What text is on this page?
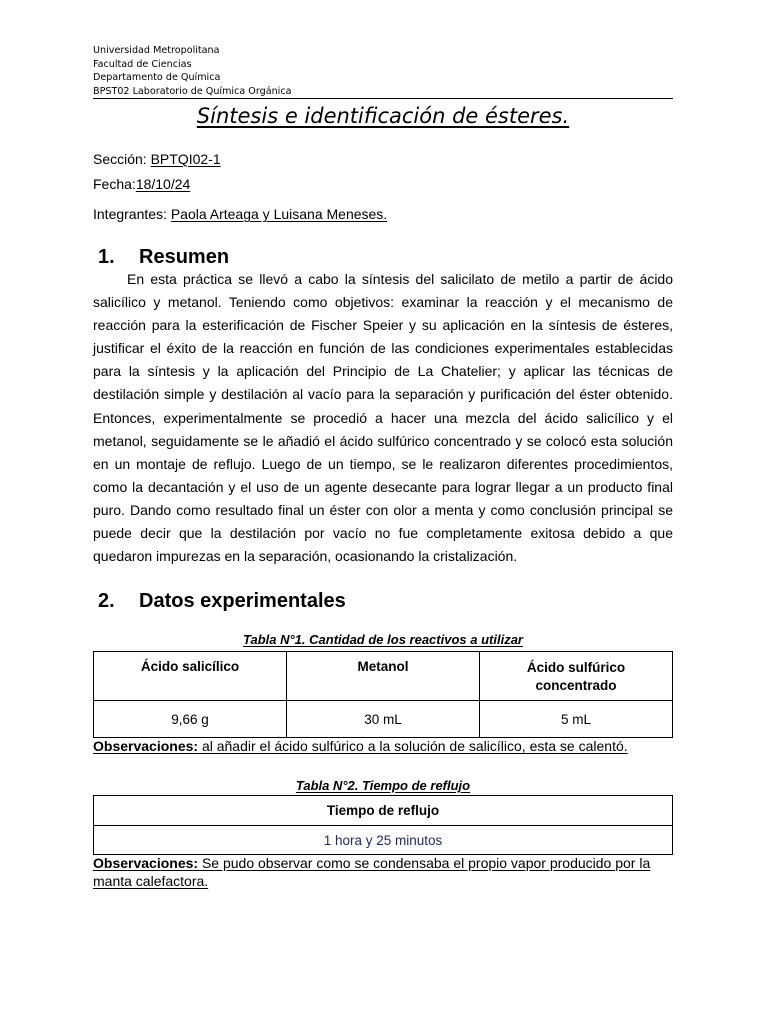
Universidad Metropolitana
Facultad de Ciencias
Departamento de Química
BPST02 Laboratorio de Química Orgánica
Síntesis e identificación de ésteres.
Sección: BPTQI02-1
Fecha:18/10/24
Integrantes: Paola Arteaga y Luisana Meneses.
1. Resumen

En esta práctica se llevó a cabo la síntesis del salicilato de metilo a partir de ácido salicílico y metanol. Teniendo como objetivos: examinar la reacción y el mecanismo de reacción para la esterificación de Fischer Speier y su aplicación en la síntesis de ésteres, justificar el éxito de la reacción en función de las condiciones experimentales establecidas para la síntesis y la aplicación del Principio de La Chatelier; y aplicar las técnicas de destilación simple y destilación al vacío para la separación y purificación del éster obtenido. Entonces, experimentalmente se procedió a hacer una mezcla del ácido salicílico y el metanol, seguidamente se le añadió el ácido sulfúrico concentrado y se colocó esta solución en un montaje de reflujo. Luego de un tiempo, se le realizaron diferentes procedimientos, como la decantación y el uso de un agente desecante para lograr llegar a un producto final puro. Dando como resultado final un éster con olor a menta y como conclusión principal se puede decir que la destilación por vacío no fue completamente exitosa debido a que quedaron impurezas en la separación, ocasionando la cristalización.

2. Datos experimentales
Tabla N°1. Cantidad de los reactivos a utilizar
Ácido salicílico	Metanol	Ácido sulfúrico concentrado
9,66 g	30 mL	5 mL
Observaciones: al añadir el ácido sulfúrico a la solución de salicílico, esta se calentó.
Tabla N°2. Tiempo de reflujo
Tiempo de reflujo
1 hora y 25 minutos
Observaciones: Se pudo observar como se condensaba el propio vapor producido por la manta calefactora.
